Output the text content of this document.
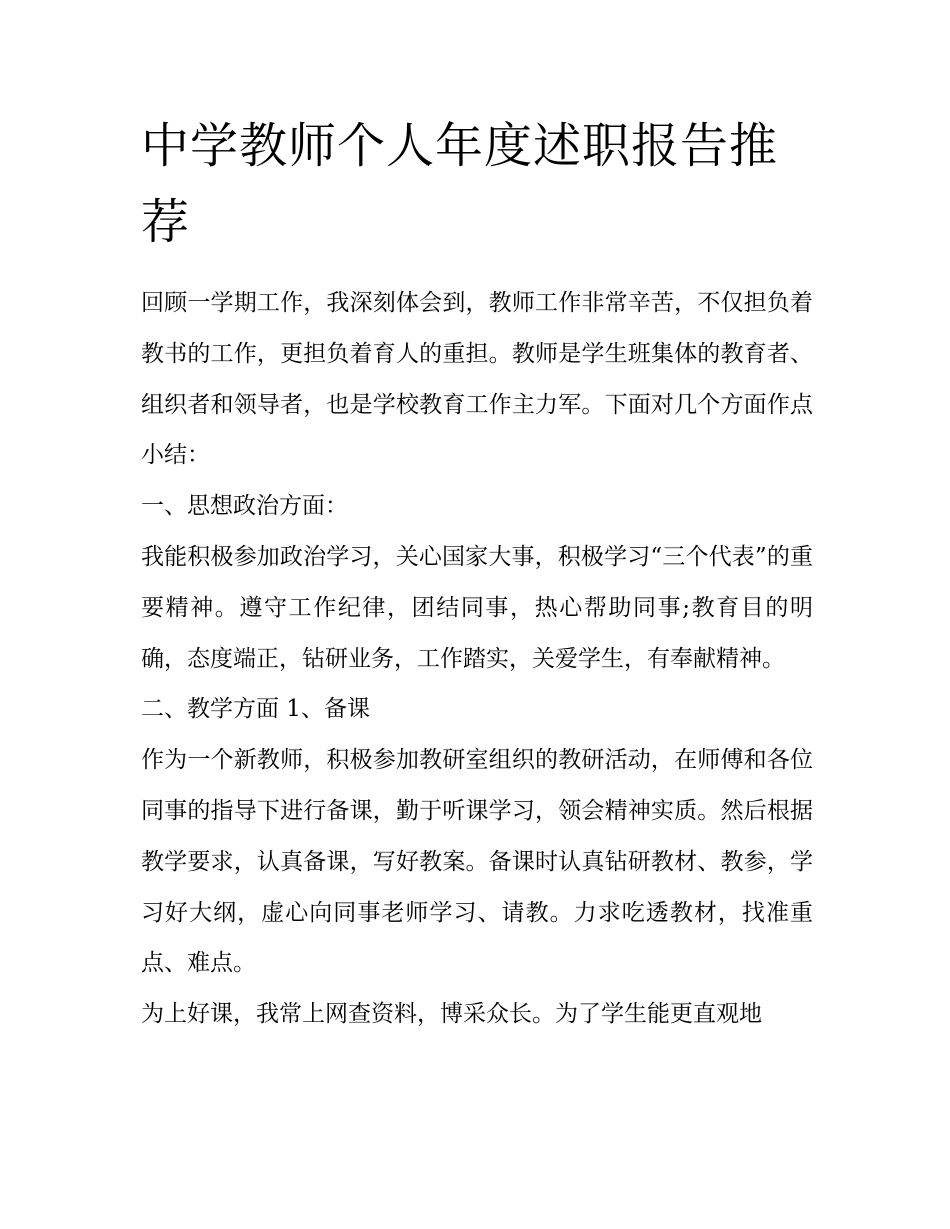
中学教师个人年度述职报告推荐

回顾一学期工作，我深刻体会到，教师工作非常辛苦，不仅担负着教书的工作，更担负着育人的重担。教师是学生班集体的教育者、组织者和领导者，也是学校教育工作主力军。下面对几个方面作点小结：

一、思想政治方面：

我能积极参加政治学习，关心国家大事，积极学习“三个代表”的重要精神。遵守工作纪律，团结同事，热心帮助同事;教育目的明确，态度端正，钻研业务，工作踏实，关爱学生，有奉献精神。

二、教学方面 1、备课

作为一个新教师，积极参加教研室组织的教研活动，在师傅和各位同事的指导下进行备课，勤于听课学习，领会精神实质。然后根据教学要求，认真备课，写好教案。备课时认真钻研教材、教参，学习好大纲，虚心向同事老师学习、请教。力求吃透教材，找准重点、难点。

为上好课，我常上网查资料，博采众长。为了学生能更直观地
